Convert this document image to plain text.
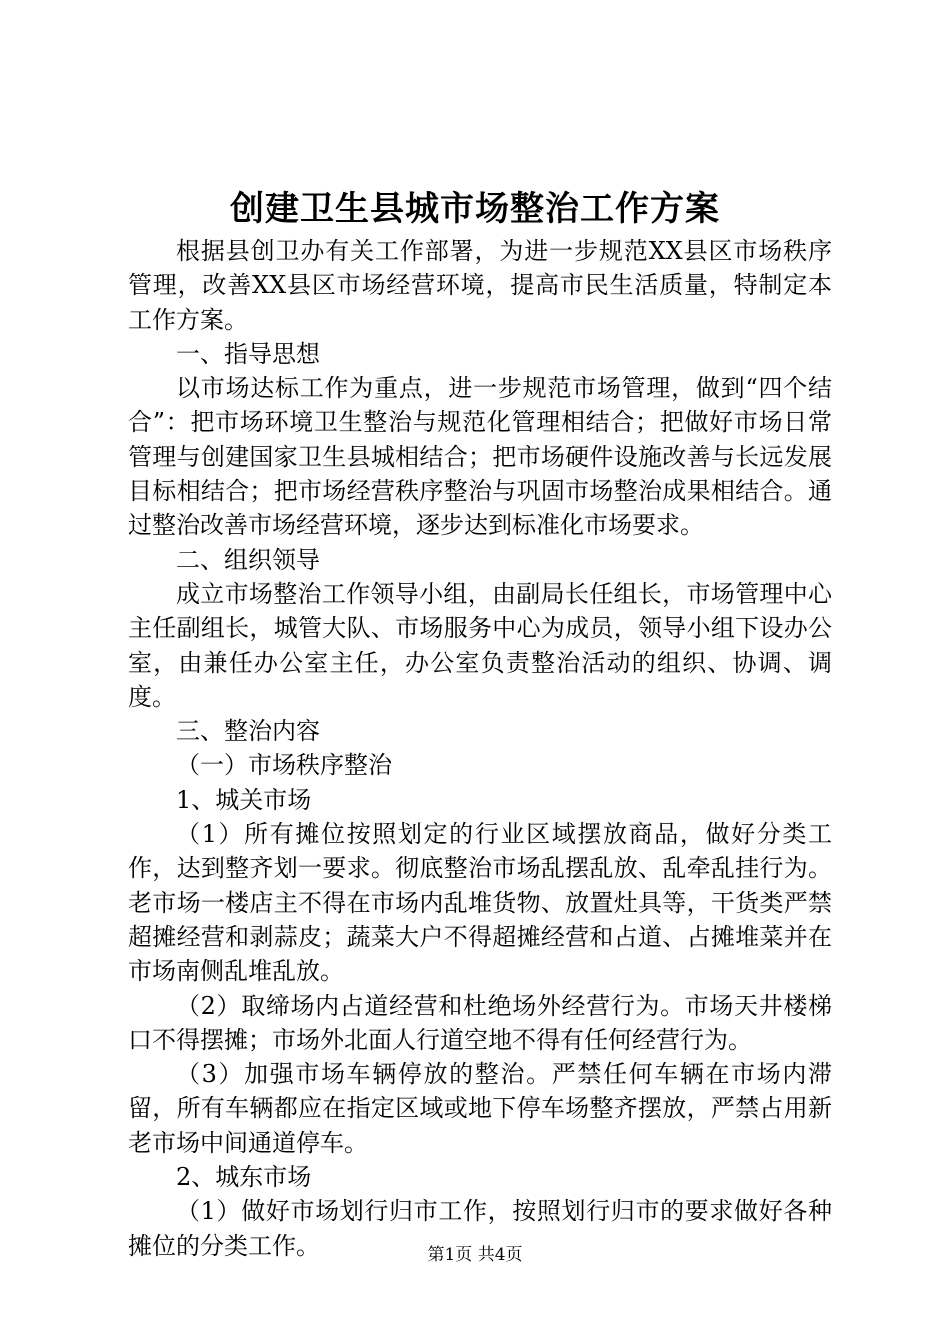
创建卫生县城市场整治工作方案

根据县创卫办有关工作部署，为进一步规范XX县区市场秩序管理，改善XX县区市场经营环境，提高市民生活质量，特制定本工作方案。

一、指导思想

以市场达标工作为重点，进一步规范市场管理，做到“四个结合”：把市场环境卫生整治与规范化管理相结合；把做好市场日常管理与创建国家卫生县城相结合；把市场硬件设施改善与长远发展目标相结合；把市场经营秩序整治与巩固市场整治成果相结合。通过整治改善市场经营环境，逐步达到标准化市场要求。

二、组织领导

成立市场整治工作领导小组，由副局长任组长，市场管理中心主任副组长，城管大队、市场服务中心为成员，领导小组下设办公室，由兼任办公室主任，办公室负责整治活动的组织、协调、调度。

三、整治内容

（一）市场秩序整治

1、城关市场

（1）所有摊位按照划定的行业区域摆放商品，做好分类工作，达到整齐划一要求。彻底整治市场乱摆乱放、乱牵乱挂行为。老市场一楼店主不得在市场内乱堆货物、放置灶具等，干货类严禁超摊经营和剥蒜皮；蔬菜大户不得超摊经营和占道、占摊堆菜并在市场南侧乱堆乱放。

（2）取缔场内占道经营和杜绝场外经营行为。市场天井楼梯口不得摆摊；市场外北面人行道空地不得有任何经营行为。

（3）加强市场车辆停放的整治。严禁任何车辆在市场内滞留，所有车辆都应在指定区域或地下停车场整齐摆放，严禁占用新老市场中间通道停车。

2、城东市场

（1）做好市场划行归市工作，按照划行归市的要求做好各种摊位的分类工作。	第1页 共4页
